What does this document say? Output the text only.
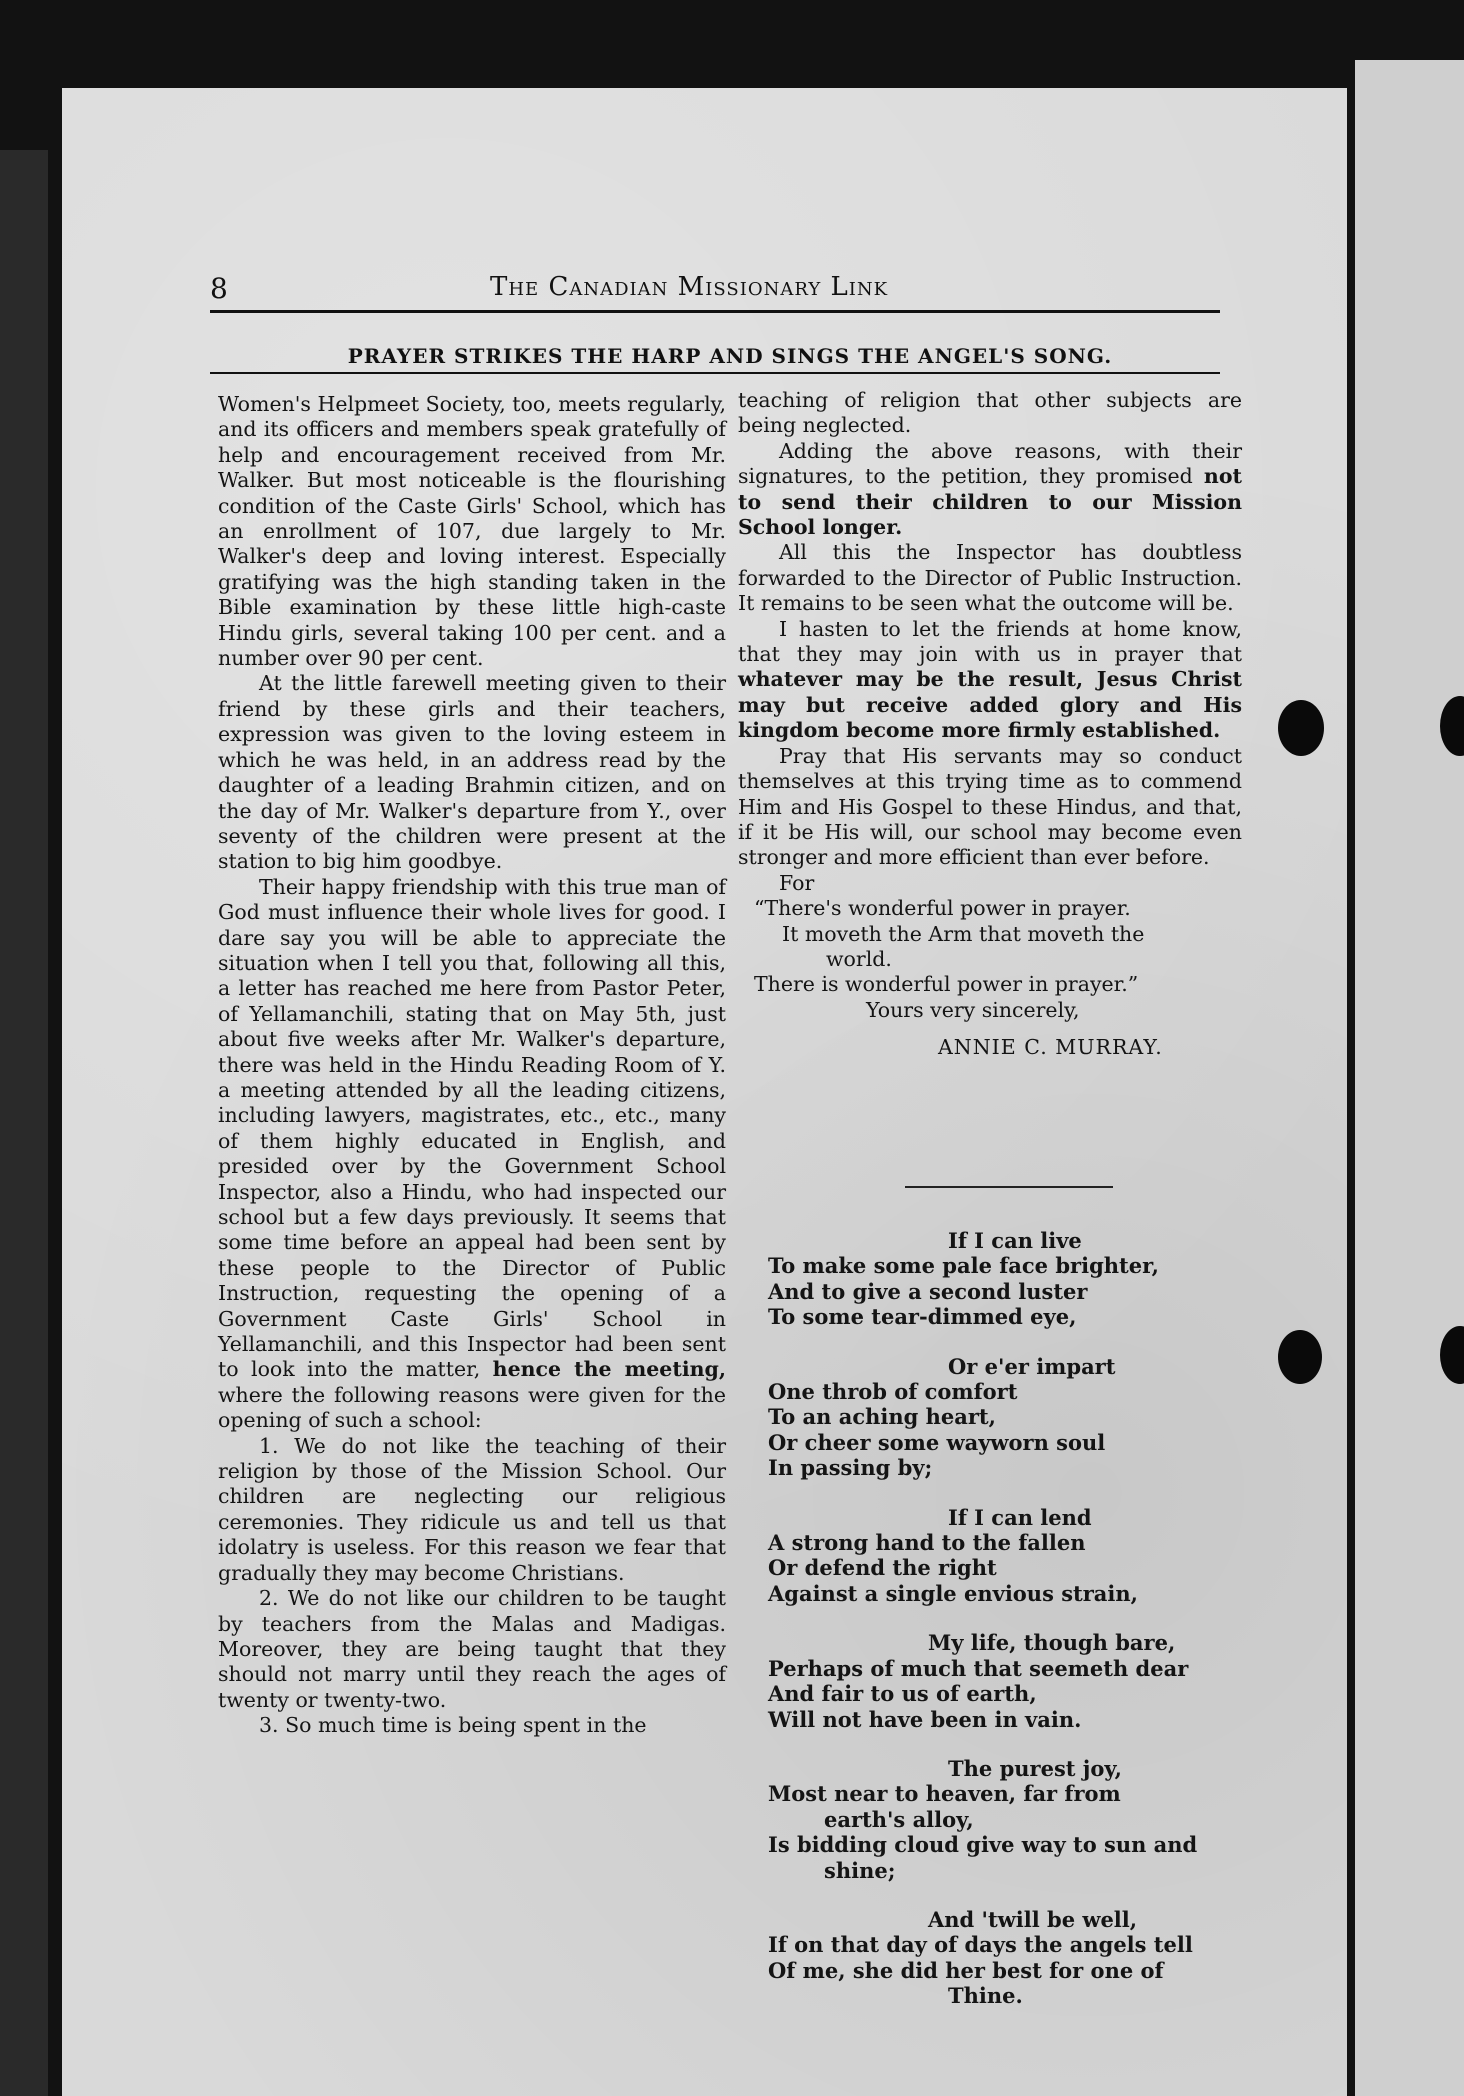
8	The Canadian Missionary Link
PRAYER STRIKES THE HARP AND SINGS THE ANGEL'S SONG.

Women's Helpmeet Society, too, meets regularly, and its officers and members speak gratefully of help and encouragement received from Mr. Walker. But most noticeable is the flourishing condition of the Caste Girls' School, which has an enrollment of 107, due largely to Mr. Walker's deep and loving interest. Especially gratifying was the high standing taken in the Bible examination by these little high-caste Hindu girls, several taking 100 per cent. and a number over 90 per cent.

At the little farewell meeting given to their friend by these girls and their teachers, expression was given to the loving esteem in which he was held, in an address read by the daughter of a leading Brahmin citizen, and on the day of Mr. Walker's departure from Y., over seventy of the children were present at the station to big him goodbye.

Their happy friendship with this true man of God must influence their whole lives for good. I dare say you will be able to appreciate the situation when I tell you that, following all this, a letter has reached me here from Pastor Peter, of Yellamanchili, stating that on May 5th, just about five weeks after Mr. Walker's departure, there was held in the Hindu Reading Room of Y. a meeting attended by all the leading citizens, including lawyers, magistrates, etc., etc., many of them highly educated in English, and presided over by the Government School Inspector, also a Hindu, who had inspected our school but a few days previously. It seems that some time before an appeal had been sent by these people to the Director of Public Instruction, requesting the opening of a Government Caste Girls' School in Yellamanchili, and this Inspector had been sent to look into the matter, hence the meeting, where the following reasons were given for the opening of such a school:

1. We do not like the teaching of their religion by those of the Mission School. Our children are neglecting our religious ceremonies. They ridicule us and tell us that idolatry is useless. For this reason we fear that gradually they may become Christians.

2. We do not like our children to be taught by teachers from the Malas and Madigas. Moreover, they are being taught that they should not marry until they reach the ages of twenty or twenty-two.

3. So much time is being spent in the

teaching of religion that other subjects are being neglected.

Adding the above reasons, with their signatures, to the petition, they promised not to send their children to our Mission School longer.

All this the Inspector has doubtless forwarded to the Director of Public Instruction. It remains to be seen what the outcome will be.

I hasten to let the friends at home know, that they may join with us in prayer that whatever may be the result, Jesus Christ may but receive added glory and His kingdom become more firmly established.

Pray that His servants may so conduct themselves at this trying time as to commend Him and His Gospel to these Hindus, and that, if it be His will, our school may become even stronger and more efficient than ever before.

For

“There's wonderful power in prayer.
It moveth the Arm that moveth the
world.
There is wonderful power in prayer.”

Yours very sincerely,

ANNIE C. MURRAY.

If I can live

To make some pale face brighter,

And to give a second luster

To some tear-dimmed eye,

Or e'er impart

One throb of comfort

To an aching heart,

Or cheer some wayworn soul

In passing by;

If I can lend

A strong hand to the fallen

Or defend the right

Against a single envious strain,

My life, though bare,

Perhaps of much that seemeth dear

And fair to us of earth,

Will not have been in vain.

The purest joy,

Most near to heaven, far from

earth's alloy,

Is bidding cloud give way to sun and

shine;

And 'twill be well,

If on that day of days the angels tell

Of me, she did her best for one of

Thine.
